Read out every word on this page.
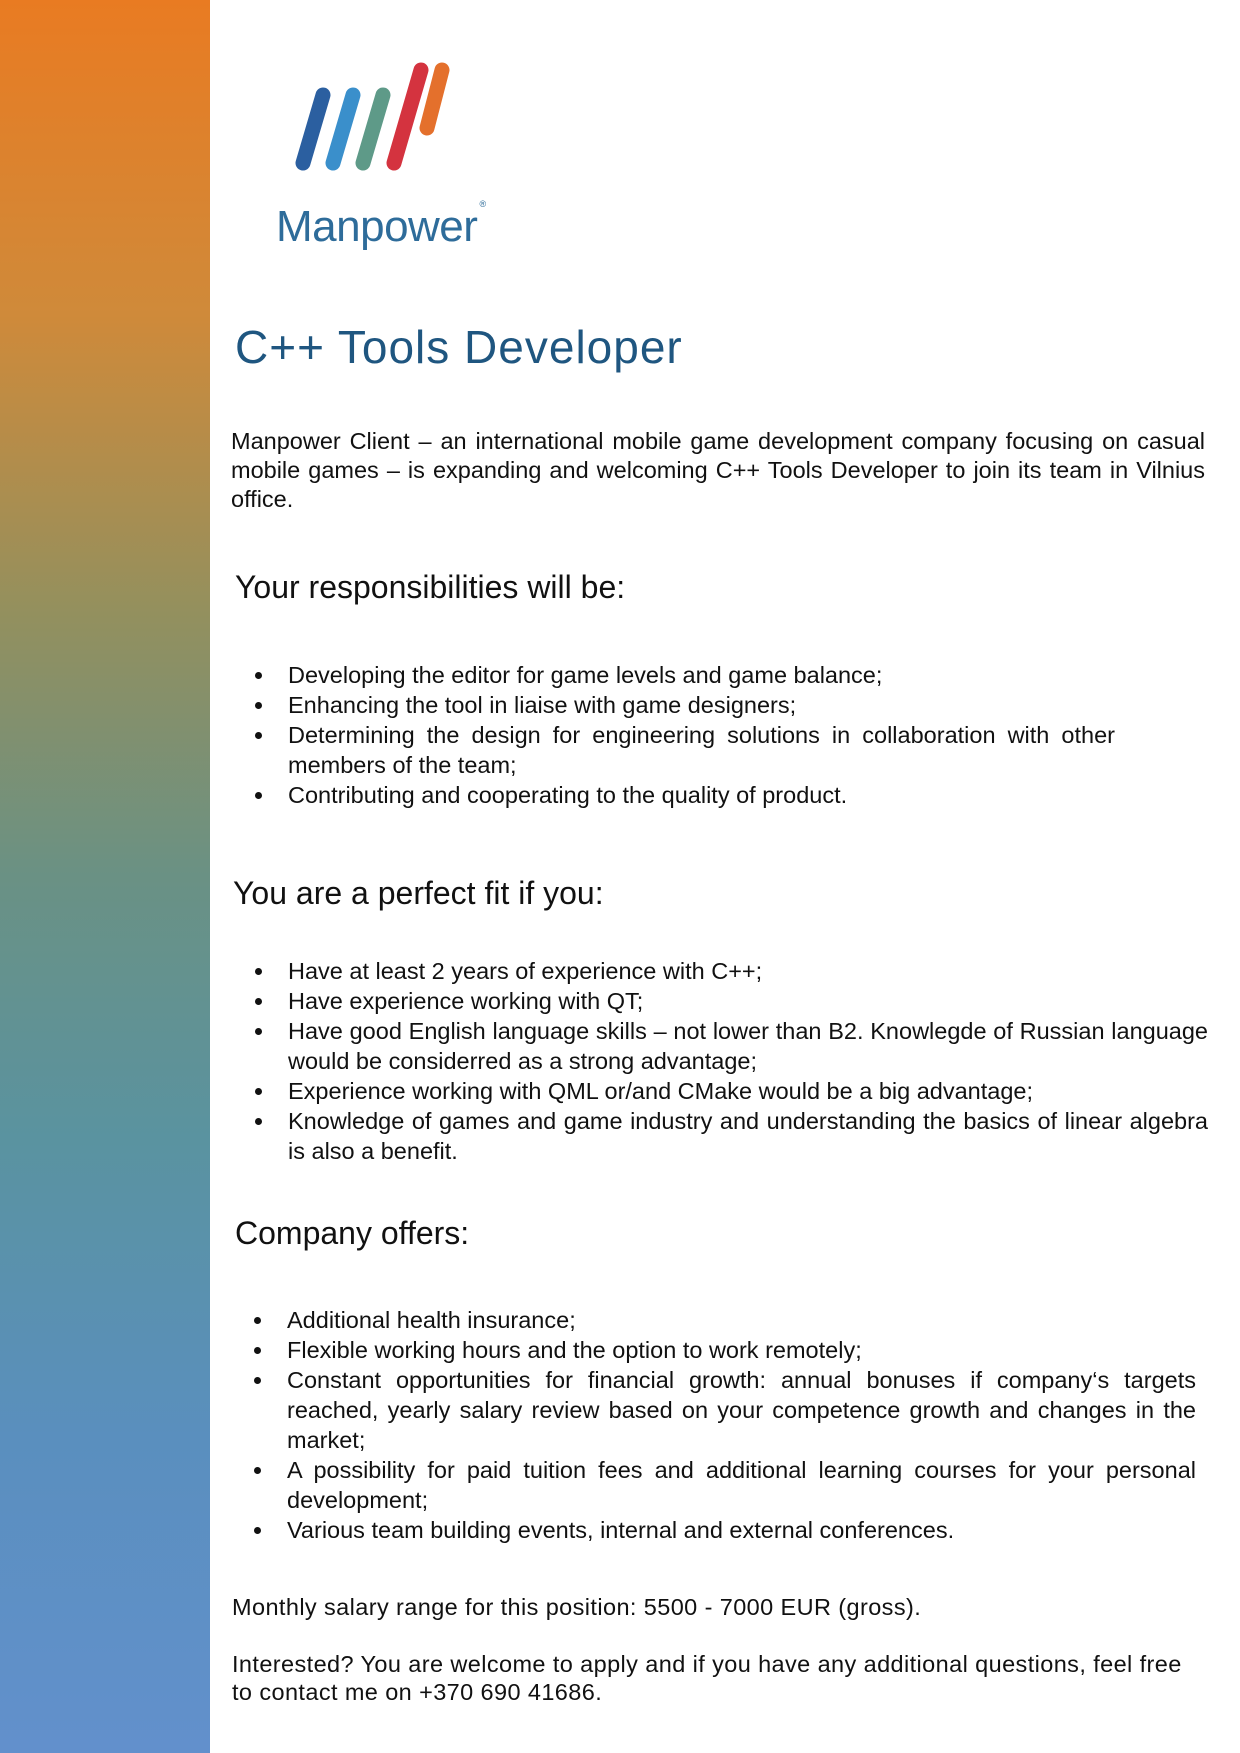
Manpower ®
C++ Tools Developer

Manpower Client – an international mobile game development company focusing on casual mobile games – is expanding and welcoming C++ Tools Developer to join its team in Vilnius office.

Your responsibilities will be:
Developing the editor for game levels and game balance;
Enhancing the tool in liaise with game designers;
Determining the design for engineering solutions in collaboration with other members of the team;
Contributing and cooperating to the quality of product.
You are a perfect fit if you:
Have at least 2 years of experience with C++;
Have experience working with QT;
Have good English language skills – not lower than B2. Knowlegde of Russian language would be considerred as a strong advantage;
Experience working with QML or/and CMake would be a big advantage;
Knowledge of games and game industry and understanding the basics of linear algebra is also a benefit.
Company offers:
Additional health insurance;
Flexible working hours and the option to work remotely;
Constant opportunities for financial growth: annual bonuses if company‘s targets reached, yearly salary review based on your competence growth and changes in the market;
A possibility for paid tuition fees and additional learning courses for your personal development;
Various team building events, internal and external conferences.

Monthly salary range for this position: 5500 - 7000 EUR (gross).

Interested? You are welcome to apply and if you have any additional questions, feel free to contact me on +370 690 41686.
